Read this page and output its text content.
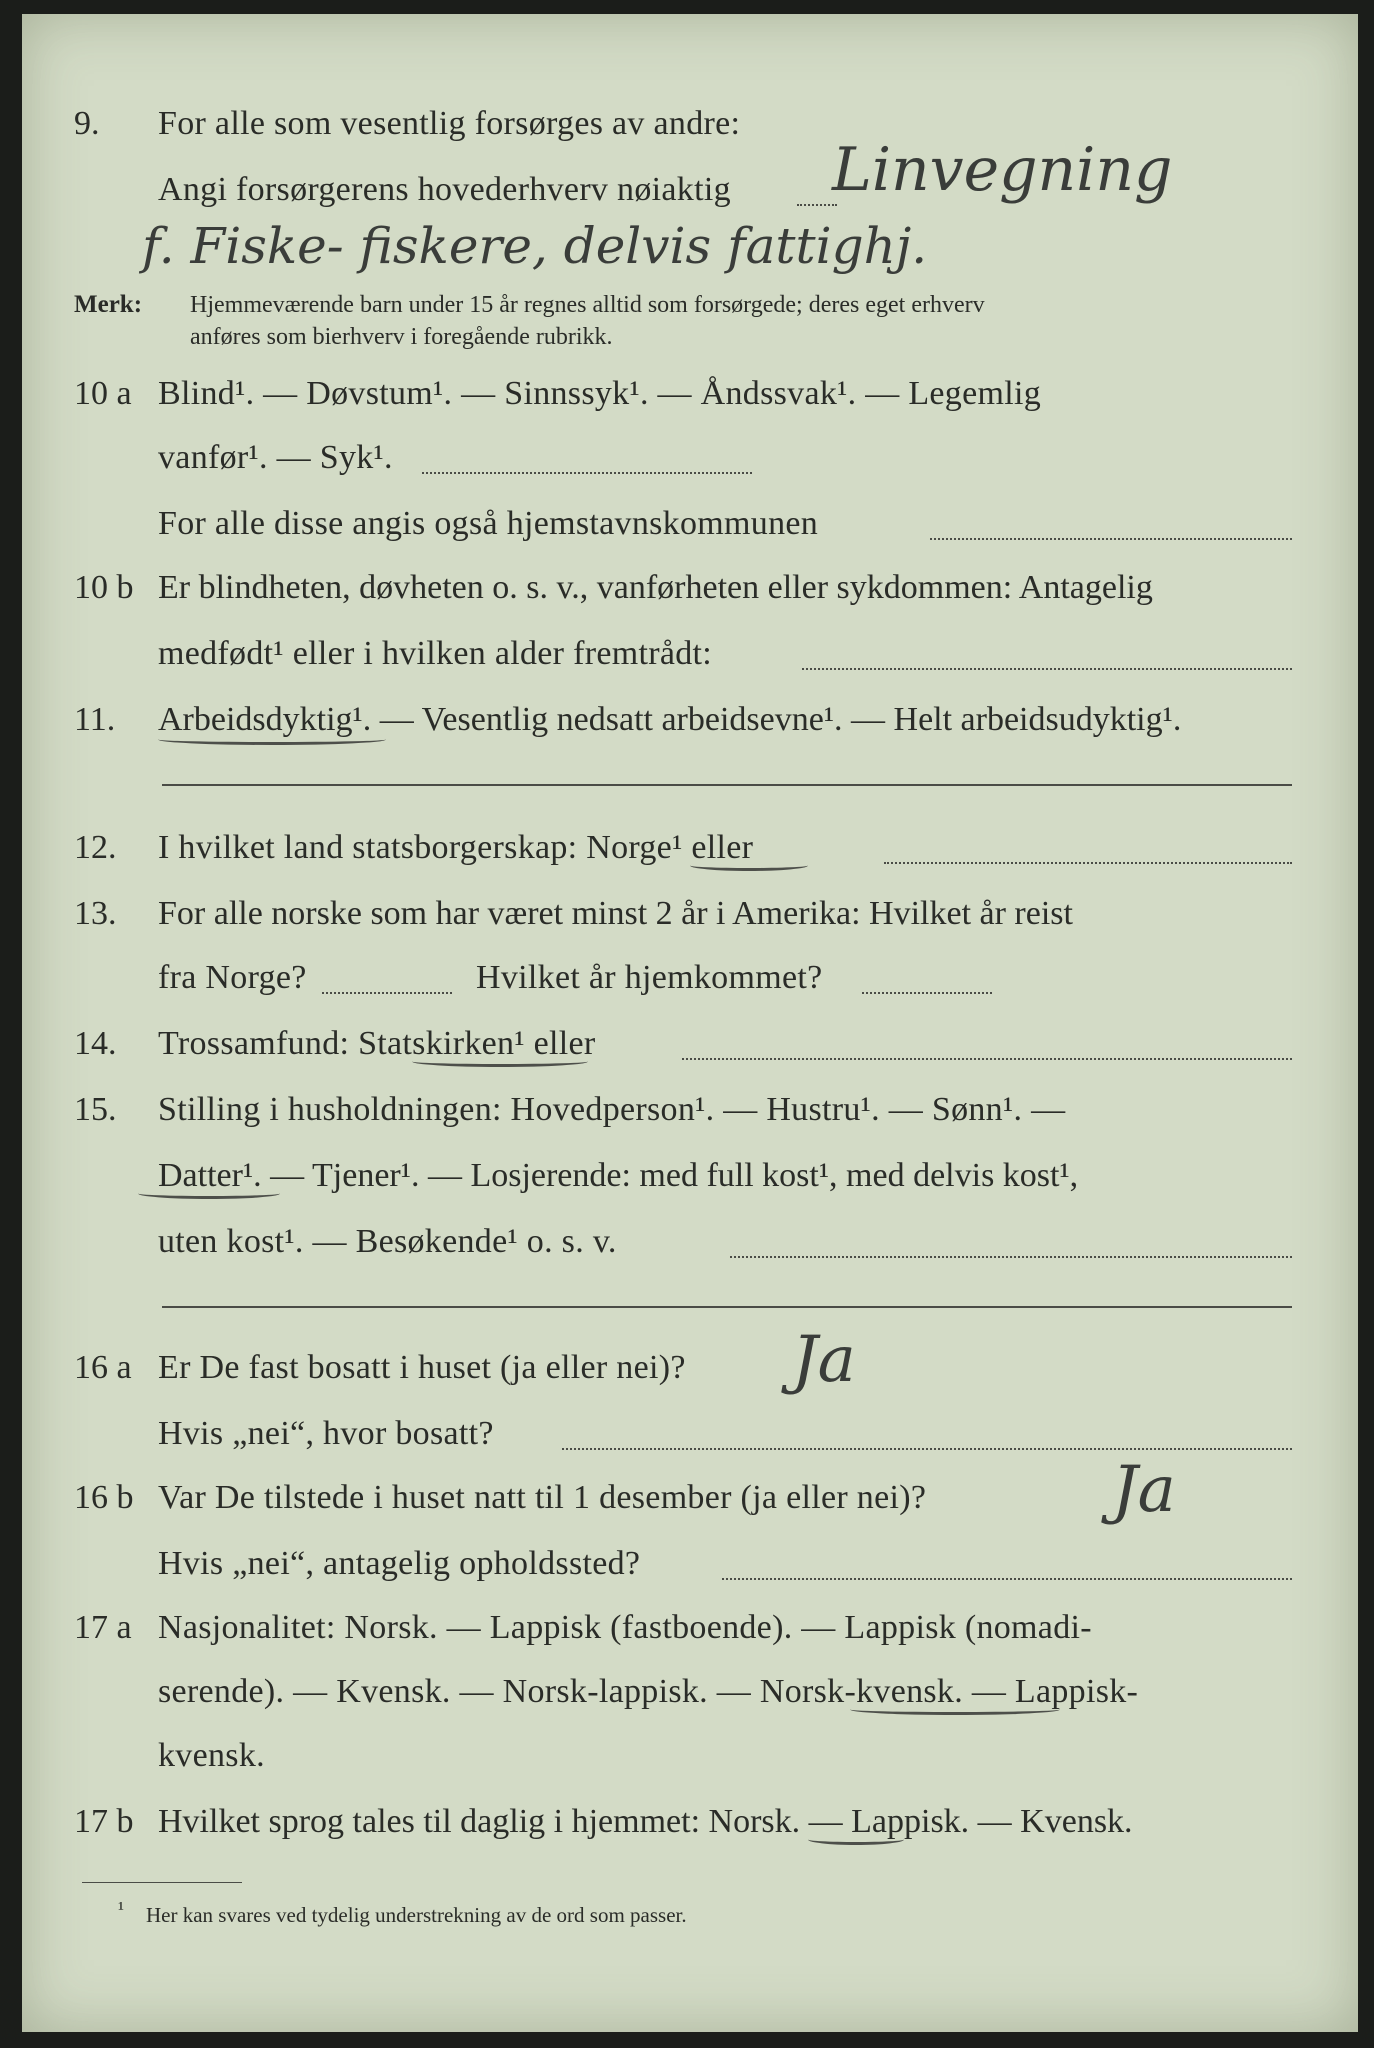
9. For alle som vesentlig forsørges av andre:
Angi forsørgerens hovederhverv nøiaktig Linvegning
f. Fiske- fiskere, delvis fattighj.
Merk: Hjemmeværende barn under 15 år regnes alltid som forsørgede; deres eget erhverv
anføres som bierhverv i foregående rubrikk.
10 a Blind¹. — Døvstum¹. — Sinnssyk¹. — Åndssvak¹. — Legemlig
vanfør¹. — Syk¹.
For alle disse angis også hjemstavnskommunen
10 b Er blindheten, døvheten o. s. v., vanførheten eller sykdommen: Antagelig
medfødt¹ eller i hvilken alder fremtrådt:
11. Arbeidsdyktig¹. — Vesentlig nedsatt arbeidsevne¹. — Helt arbeidsudyktig¹.
12. I hvilket land statsborgerskap: Norge¹ eller
13. For alle norske som har været minst 2 år i Amerika: Hvilket år reist
fra Norge?	Hvilket år hjemkommet?
14. Trossamfund: Statskirken¹ eller
15. Stilling i husholdningen: Hovedperson¹. — Hustru¹. — Sønn¹. —
Datter¹. — Tjener¹. — Losjerende: med full kost¹, med delvis kost¹,
uten kost¹. — Besøkende¹ o. s. v.
16 a Er De fast bosatt i huset (ja eller nei)? Ja
Hvis „nei“, hvor bosatt?
16 b Var De tilstede i huset natt til 1 desember (ja eller nei)?	Ja
Hvis „nei“, antagelig opholdssted?
17 a Nasjonalitet: Norsk. — Lappisk (fastboende). — Lappisk (nomadi-
serende). — Kvensk. — Norsk-lappisk. — Norsk-kvensk. — Lappisk-
kvensk.
17 b Hvilket sprog tales til daglig i hjemmet: Norsk. — Lappisk. — Kvensk.
¹ Her kan svares ved tydelig understrekning av de ord som passer.
